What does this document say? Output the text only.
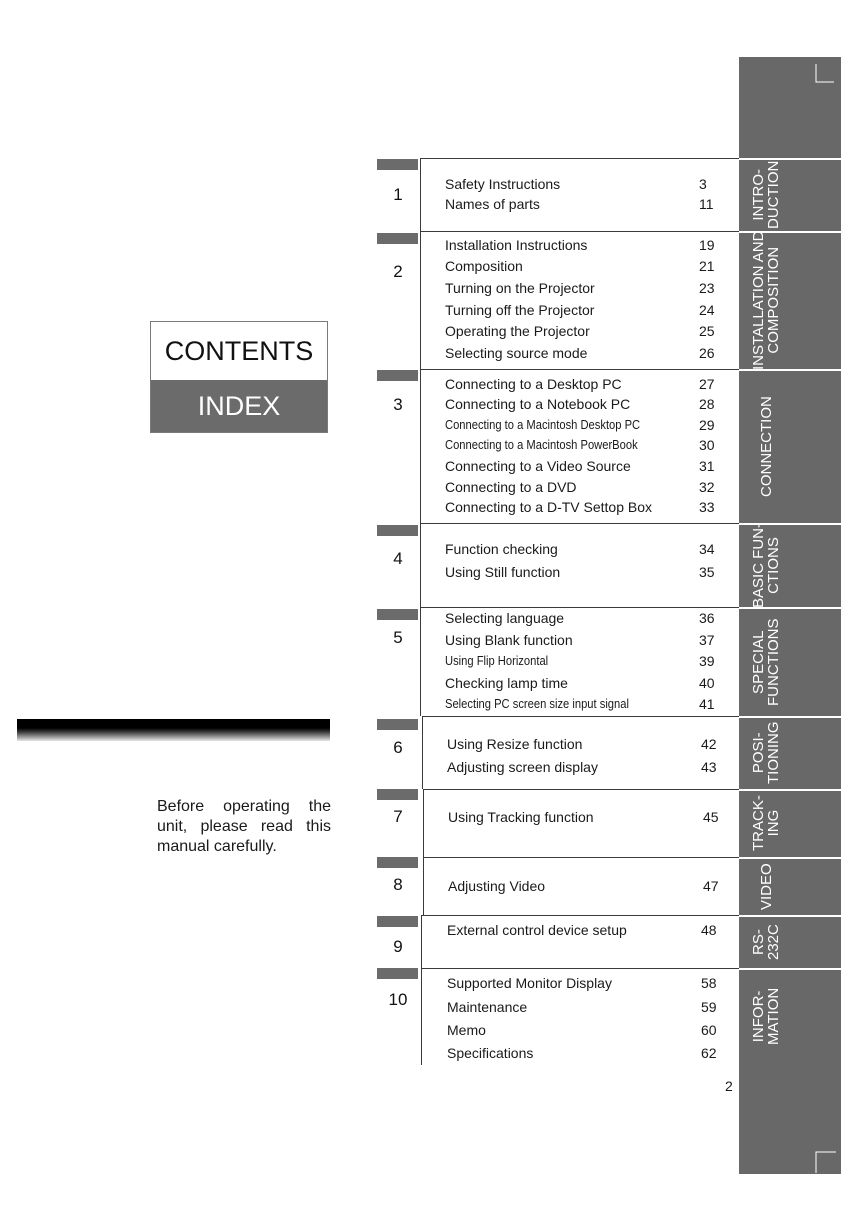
CONTENTS
INDEX
Before operating the unit, please read this manual carefully.
1
Safety Instructions	3
Names of parts	11
2
Installation Instructions	19
Composition	21
Turning on the Projector	23
Turning off the Projector	24
Operating the Projector	25
Selecting source mode	26
3
Connecting to a Desktop PC	27
Connecting to a Notebook PC	28
Connecting to a Macintosh Desktop PC	29
Connecting to a Macintosh PowerBook	30
Connecting to a Video Source	31
Connecting to a DVD	32
Connecting to a D-TV Settop Box	33
4	Function checking	34
Using Still function	35
5
Selecting language	36
Using Blank function	37
Using Flip Horizontal	39
Checking lamp time	40
Selecting PC screen size input signal	41
6	Using Resize function	42
Adjusting screen display	43
7	Using Tracking function	45
8	Adjusting Video	47
9
External control device setup	48
10
Supported Monitor Display	58
Maintenance	59
Memo	60
Specifications	62
2
INTRO-
DUCTION
INSTALLATION AND
COMPOSITION
CONNECTION
BASIC FUN-
CTIONS
SPECIAL
FUNCTIONS
POSI-
TIONING
TRACK-
ING
VIDEO
RS-
232C
INFOR-
MATION
